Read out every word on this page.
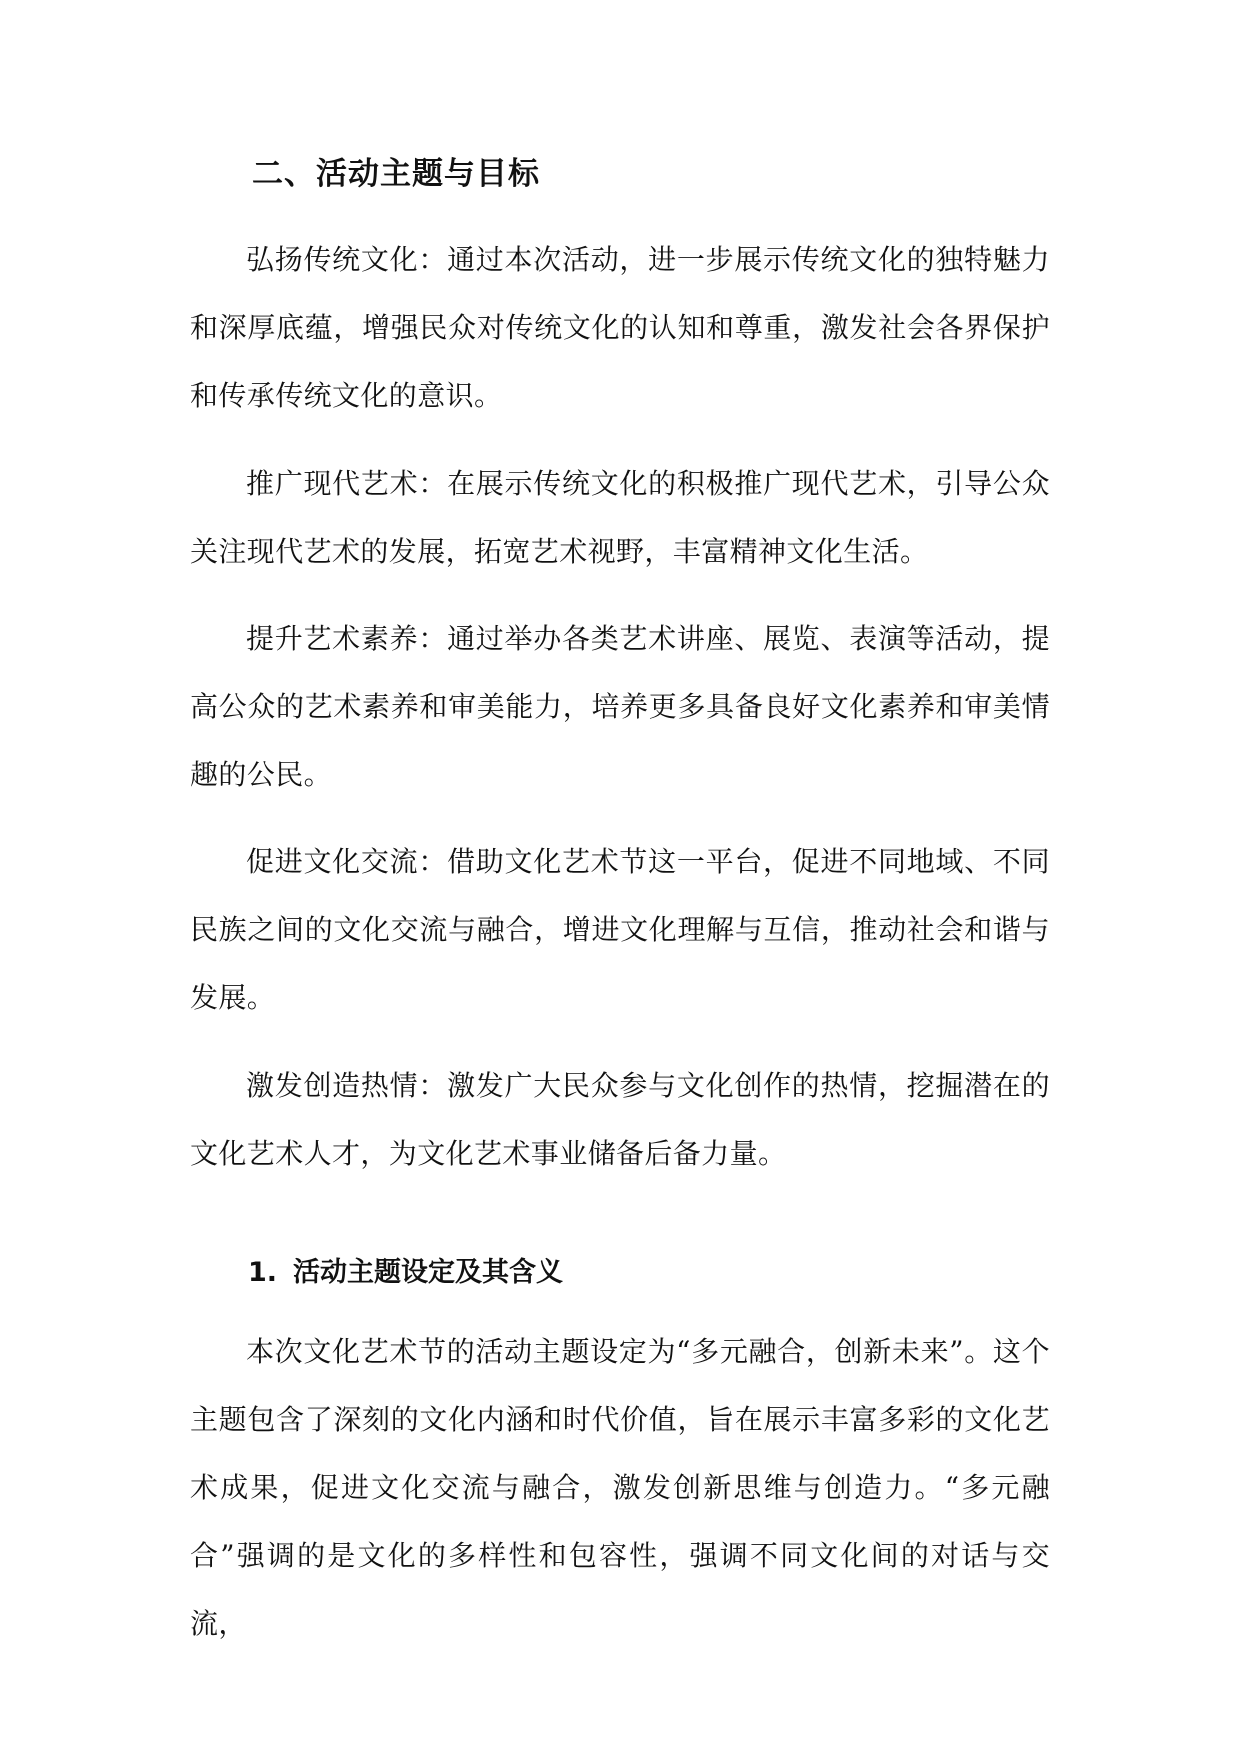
二、活动主题与目标

弘扬传统文化：通过本次活动，进一步展示传统文化的独特魅力和深厚底蕴，增强民众对传统文化的认知和尊重，激发社会各界保护和传承传统文化的意识。

推广现代艺术：在展示传统文化的积极推广现代艺术，引导公众关注现代艺术的发展，拓宽艺术视野，丰富精神文化生活。

提升艺术素养：通过举办各类艺术讲座、展览、表演等活动，提高公众的艺术素养和审美能力，培养更多具备良好文化素养和审美情趣的公民。

促进文化交流：借助文化艺术节这一平台，促进不同地域、不同民族之间的文化交流与融合，增进文化理解与互信，推动社会和谐与发展。

激发创造热情：激发广大民众参与文化创作的热情，挖掘潜在的文化艺术人才，为文化艺术事业储备后备力量。

1. 活动主题设定及其含义

本次文化艺术节的活动主题设定为“多元融合，创新未来”。这个主题包含了深刻的文化内涵和时代价值，旨在展示丰富多彩的文化艺术成果，促进文化交流与融合，激发创新思维与创造力。“多元融合”强调的是文化的多样性和包容性，强调不同文化间的对话与交流，
